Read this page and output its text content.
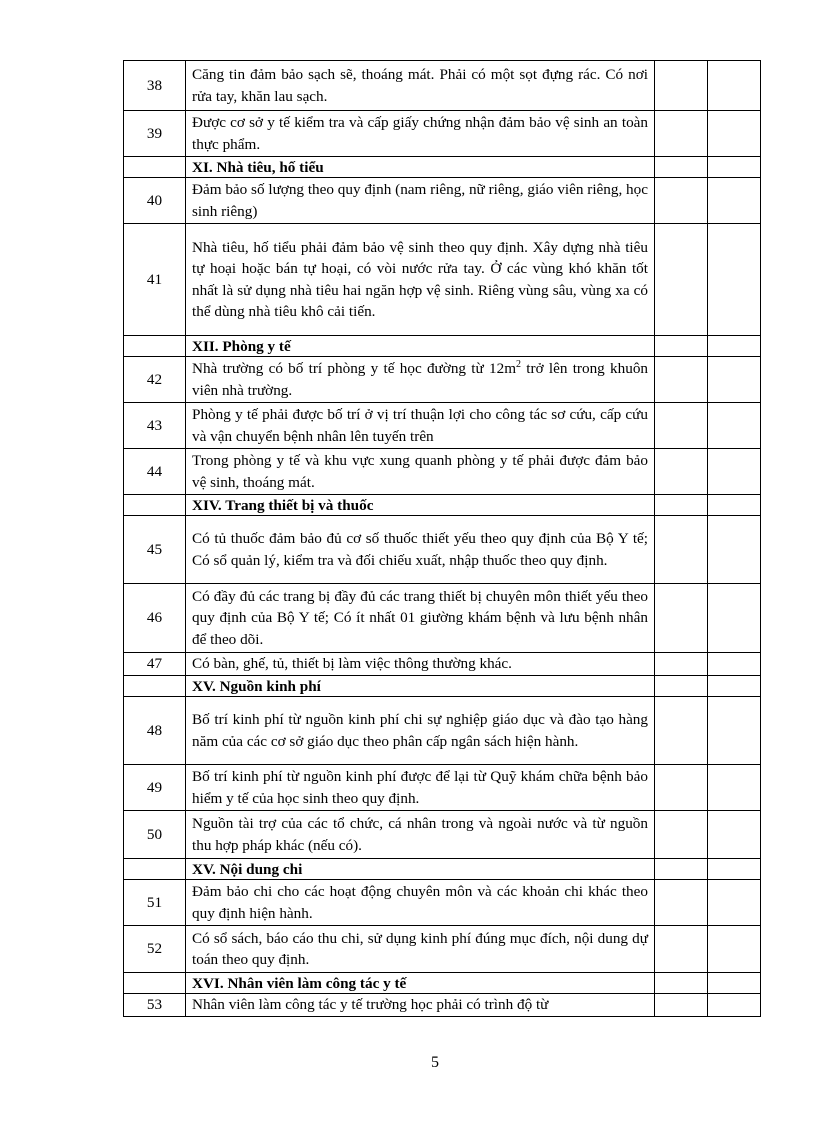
38	Căng tin đảm bảo sạch sẽ, thoáng mát. Phải có một sọt đựng rác. Có nơi rửa tay, khăn lau sạch.		
39	Được cơ sở y tế kiểm tra và cấp giấy chứng nhận đảm bảo vệ sinh an toàn thực phẩm.		
	XI. Nhà tiêu, hố tiểu		
40	Đảm bảo số lượng theo quy định (nam riêng, nữ riêng, giáo viên riêng, học sinh riêng)		
41	Nhà tiêu, hố tiểu phải đảm bảo vệ sinh theo quy định. Xây dựng nhà tiêu tự hoại hoặc bán tự hoại, có vòi nước rửa tay. Ở các vùng khó khăn tốt nhất là sử dụng nhà tiêu hai ngăn hợp vệ sinh. Riêng vùng sâu, vùng xa có thể dùng nhà tiêu khô cải tiến.		
	XII. Phòng y tế		
42	Nhà trường có bố trí phòng y tế học đường từ $12m^2$ trở lên trong khuôn viên nhà trường.		
43	Phòng y tế phải được bố trí ở vị trí thuận lợi cho công tác sơ cứu, cấp cứu và vận chuyển bệnh nhân lên tuyến trên		
44	Trong phòng y tế và khu vực xung quanh phòng y tế phải được đảm bảo vệ sinh, thoáng mát.		
	XIV. Trang thiết bị và thuốc		
45	Có tủ thuốc đảm bảo đủ cơ số thuốc thiết yếu theo quy định của Bộ Y tế; Có sổ quản lý, kiểm tra và đối chiếu xuất, nhập thuốc theo quy định.		
46	Có đầy đủ các trang bị đầy đủ các trang thiết bị chuyên môn thiết yếu theo quy định của Bộ Y tế; Có ít nhất 01 giường khám bệnh và lưu bệnh nhân để theo dõi.		
47	Có bàn, ghế, tủ, thiết bị làm việc thông thường khác.		
	XV. Nguồn kinh phí		
48	Bố trí kinh phí từ nguồn kinh phí chi sự nghiệp giáo dục và đào tạo hàng năm của các cơ sở giáo dục theo phân cấp ngân sách hiện hành.		
49	Bố trí kinh phí từ nguồn kinh phí được để lại từ Quỹ khám chữa bệnh bảo hiểm y tế của học sinh theo quy định.		
50	Nguồn tài trợ của các tổ chức, cá nhân trong và ngoài nước và từ nguồn thu hợp pháp khác (nếu có).		
	XV. Nội dung chi		
51	Đảm bảo chi cho các hoạt động chuyên môn và các khoản chi khác theo quy định hiện hành.		
52	Có sổ sách, báo cáo thu chi, sử dụng kinh phí đúng mục đích, nội dung dự toán theo quy định.		
	XVI. Nhân viên làm công tác y tế		
53	Nhân viên làm công tác y tế trường học phải có trình độ từ		
5
